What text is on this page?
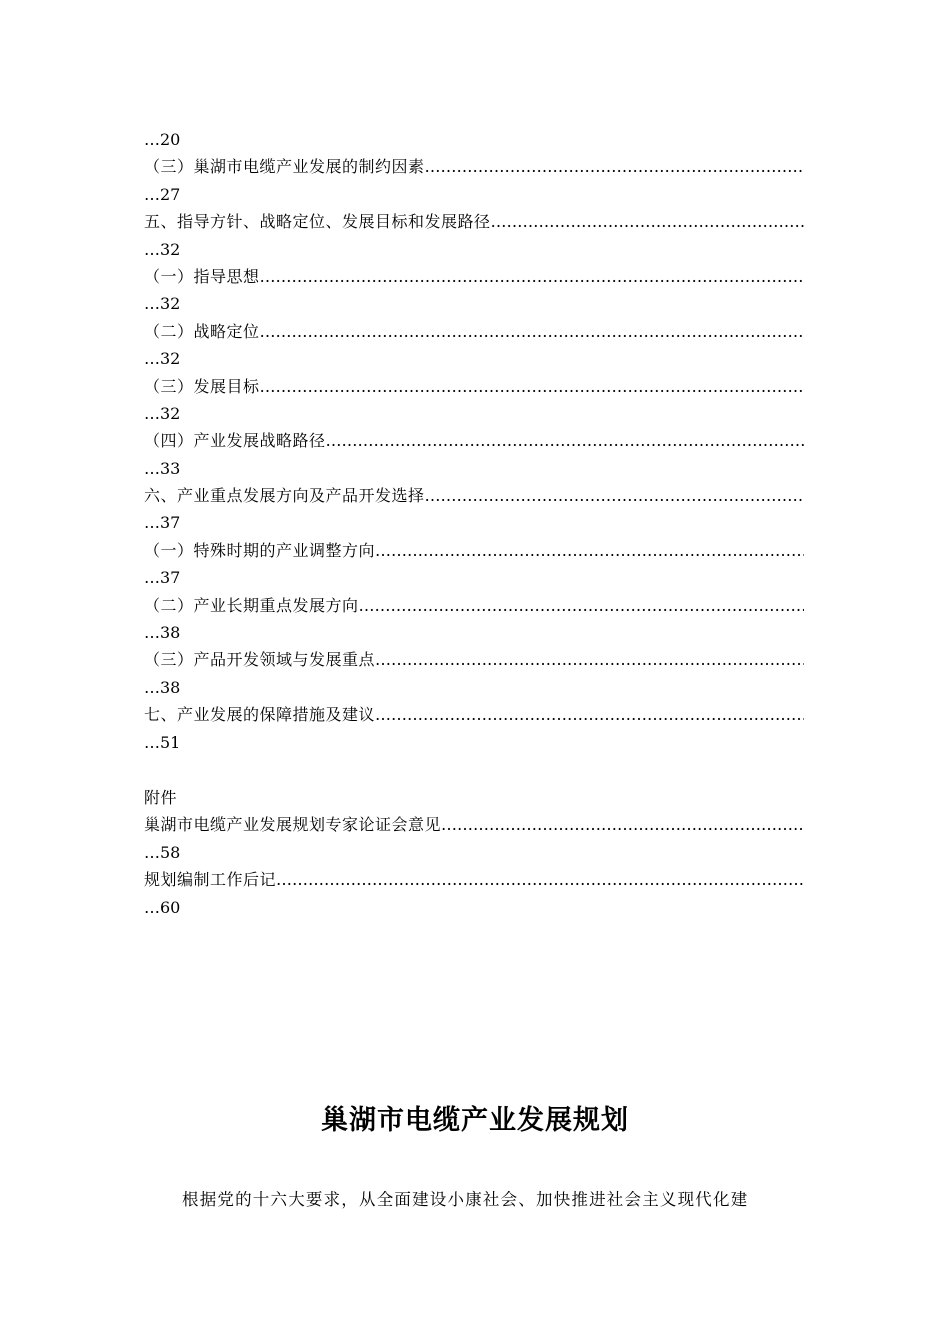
…20
（三）巢湖市电缆产业发展的制约因素
…………………………………………………………………………………………………………………………………………………………………………
…27
五、指导方针、战略定位、发展目标和发展路径
…………………………………………………………………………………………………………………………………………………………………………
…32
（一）指导思想
…………………………………………………………………………………………………………………………………………………………………………
…32
（二）战略定位
…………………………………………………………………………………………………………………………………………………………………………
…32
（三）发展目标
…………………………………………………………………………………………………………………………………………………………………………
…32
（四）产业发展战略路径
…………………………………………………………………………………………………………………………………………………………………………
…33
六、产业重点发展方向及产品开发选择
…………………………………………………………………………………………………………………………………………………………………………
…37
（一）特殊时期的产业调整方向
…………………………………………………………………………………………………………………………………………………………………………
…37
（二）产业长期重点发展方向
…………………………………………………………………………………………………………………………………………………………………………
…38
（三）产品开发领域与发展重点
…………………………………………………………………………………………………………………………………………………………………………
…38
七、产业发展的保障措施及建议
…………………………………………………………………………………………………………………………………………………………………………
…51
附件
巢湖市电缆产业发展规划专家论证会意见
…………………………………………………………………………………………………………………………………………………………………………
…58
规划编制工作后记
…………………………………………………………………………………………………………………………………………………………………………
…60
巢湖市电缆产业发展规划
根据党的十六大要求，从全面建设小康社会、加快推进社会主义现代化建
